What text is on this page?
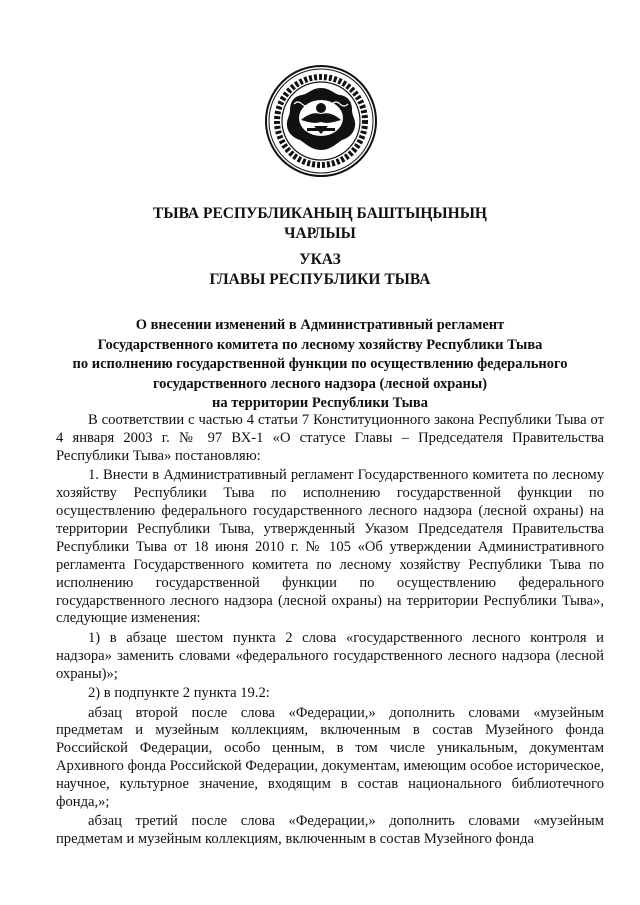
ТЫВА РЕСПУБЛИКАНЫҢ БАШТЫҢЫНЫҢ
ЧАРЛЫЫ
УКАЗ
ГЛАВЫ РЕСПУБЛИКИ ТЫВА
О внесении изменений в Административный регламент
Государственного комитета по лесному хозяйству Республики Тыва
по исполнению государственной функции по осуществлению федерального
государственного лесного надзора (лесной охраны)
на территории Республики Тыва

В соответствии с частью 4 статьи 7 Конституционного закона Республики Тыва от 4 января 2003 г. № 97 ВХ-1 «О статусе Главы – Председателя Правительства Республики Тыва» постановляю:

1. Внести в Административный регламент Государственного комитета по лесному хозяйству Республики Тыва по исполнению государственной функции по осуществлению федерального государственного лесного надзора (лесной охраны) на территории Республики Тыва, утвержденный Указом Председателя Правительства Республики Тыва от 18 июня 2010 г. № 105 «Об утверждении Административного регламента Государственного комитета по лесному хозяйству Республики Тыва по исполнению государственной функции по осуществлению федерального государственного лесного надзора (лесной охраны) на территории Республики Тыва», следующие изменения:

1) в абзаце шестом пункта 2 слова «государственного лесного контроля и надзора» заменить словами «федерального государственного лесного надзора (лесной охраны)»;

2) в подпункте 2 пункта 19.2:

абзац второй после слова «Федерации,» дополнить словами «музейным предметам и музейным коллекциям, включенным в состав Музейного фонда Российской Федерации, особо ценным, в том числе уникальным, документам Архивного фонда Российской Федерации, документам, имеющим особое историческое, научное, культурное значение, входящим в состав национального библиотечного фонда,»;

абзац третий после слова «Федерации,» дополнить словами «музейным предметам и музейным коллекциям, включенным в состав Музейного фонда
